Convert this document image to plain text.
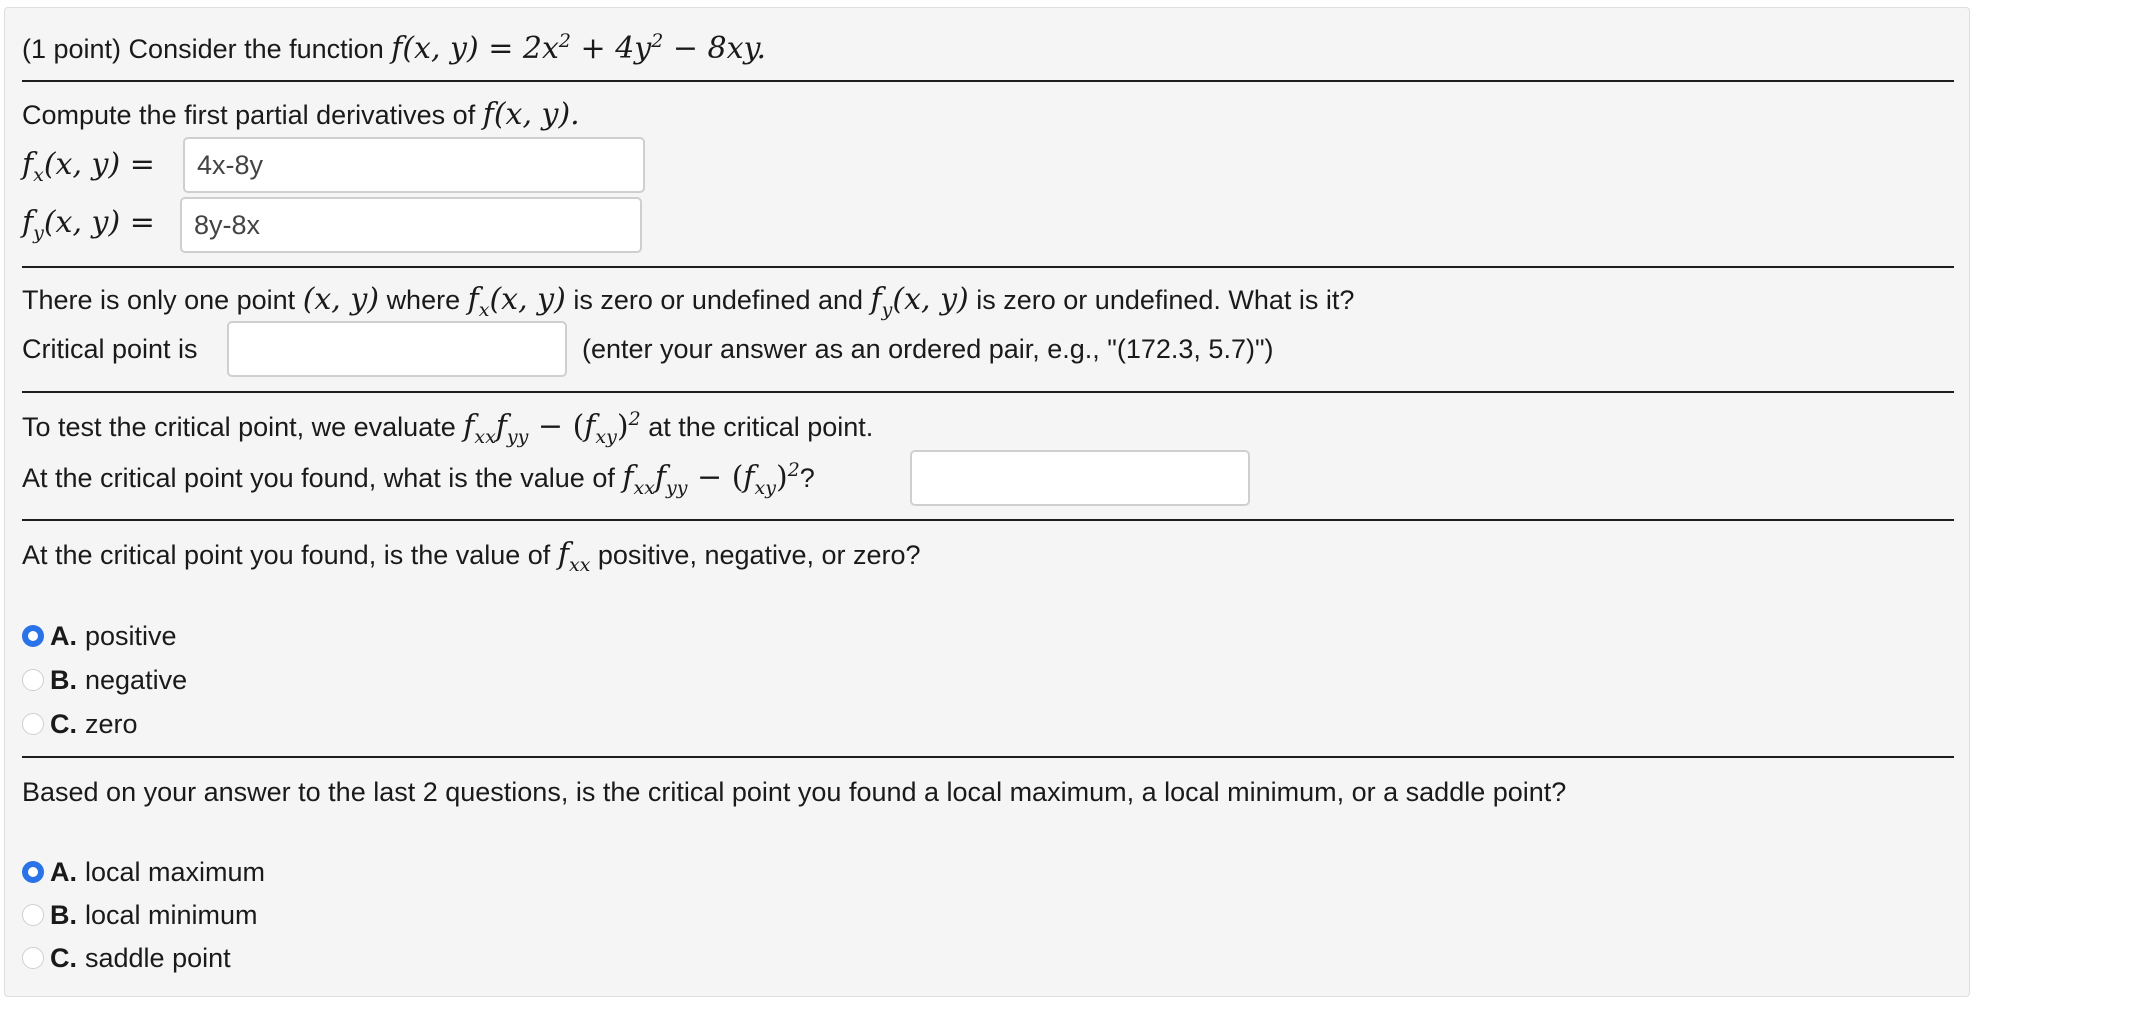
(1 point) Consider the function f(x, $y) = 2x^2 + 4y^2 - 8xy$.
Compute the first partial derivatives of f(x, y).
$f_x(x$, y) =
4x-8y
$f_y(x$, y) =
8y-8x
There is only one point (x, y) where $f_x(x$, y) is zero or undefined and $f_y(x$, y) is zero or undefined. What is it?
Critical point is	(enter your answer as an ordered pair, e.g., "(172.3, 5.7)")
To test the critical point, we evaluate $f_{xx}f_{yy} - (f_{xy})^2$ at the critical point.
At the critical point you found, what is the value of $f_{xx}f_{yy} - (f_{xy})^2$?
At the critical point you found, is the value of $f_{xx}$ positive, negative, or zero?
A. positive
B. negative
C. zero
Based on your answer to the last 2 questions, is the critical point you found a local maximum, a local minimum, or a saddle point?
A. local maximum
B. local minimum
C. saddle point
